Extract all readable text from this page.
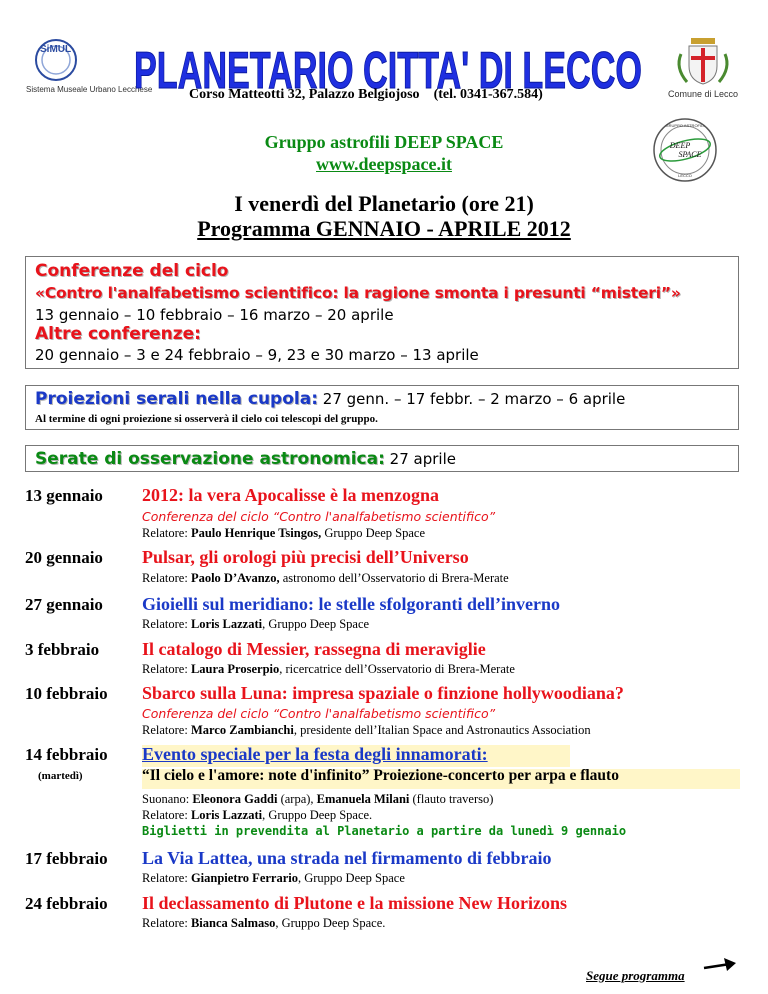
SiMUL
Sistema Museale Urbano Lecchese
PLANETARIO CITTA' DI LECCO
Corso Matteotti 32, Palazzo Belgiojoso (tel. 0341-367.584)	Comune di Lecco
Gruppo astrofili DEEP SPACE
www.deepspace.it
GRUPPO ASTROFILI
DEEP
SPACE
LECCO
I venerdì del Planetario (ore 21)
Programma GENNAIO - APRILE 2012
Conferenze del ciclo
«Contro l'analfabetismo scientifico: la ragione smonta i presunti “misteri”»
13 gennaio – 10 febbraio – 16 marzo – 20 aprile
Altre conferenze:
20 gennaio – 3 e 24 febbraio – 9, 23 e 30 marzo – 13 aprile
Proiezioni serali nella cupola: 27 genn. – 17 febbr. – 2 marzo – 6 aprile
Al termine di ogni proiezione si osserverà il cielo coi telescopi del gruppo.
Serate di osservazione astronomica: 27 aprile
13 gennaio 2012: la vera Apocalisse è la menzogna
Conferenza del ciclo “Contro l'analfabetismo scientifico”
Relatore: Paulo Henrique Tsingos, Gruppo Deep Space
20 gennaio Pulsar, gli orologi più precisi dell’Universo
Relatore: Paolo D’Avanzo, astronomo dell’Osservatorio di Brera-Merate
27 gennaio Gioielli sul meridiano: le stelle sfolgoranti dell’inverno
Relatore: Loris Lazzati, Gruppo Deep Space
3 febbraio Il catalogo di Messier, rassegna di meraviglie
Relatore: Laura Proserpio, ricercatrice dell’Osservatorio di Brera-Merate
10 febbraio Sbarco sulla Luna: impresa spaziale o finzione hollywoodiana?
Conferenza del ciclo “Contro l'analfabetismo scientifico”
Relatore: Marco Zambianchi, presidente dell’Italian Space and Astronautics Association
14 febbraio
(martedì)
Evento speciale per la festa degli innamorati:
“Il cielo e l'amore: note d'infinito” Proiezione-concerto per arpa e flauto
Suonano: Eleonora Gaddi (arpa), Emanuela Milani (flauto traverso)
Relatore: Loris Lazzati, Gruppo Deep Space.
Biglietti in prevendita al Planetario a partire da lunedì 9 gennaio
17 febbraio La Via Lattea, una strada nel firmamento di febbraio
Relatore: Gianpietro Ferrario, Gruppo Deep Space
24 febbraio Il declassamento di Plutone e la missione New Horizons
Relatore: Bianca Salmaso, Gruppo Deep Space.
Segue programma
